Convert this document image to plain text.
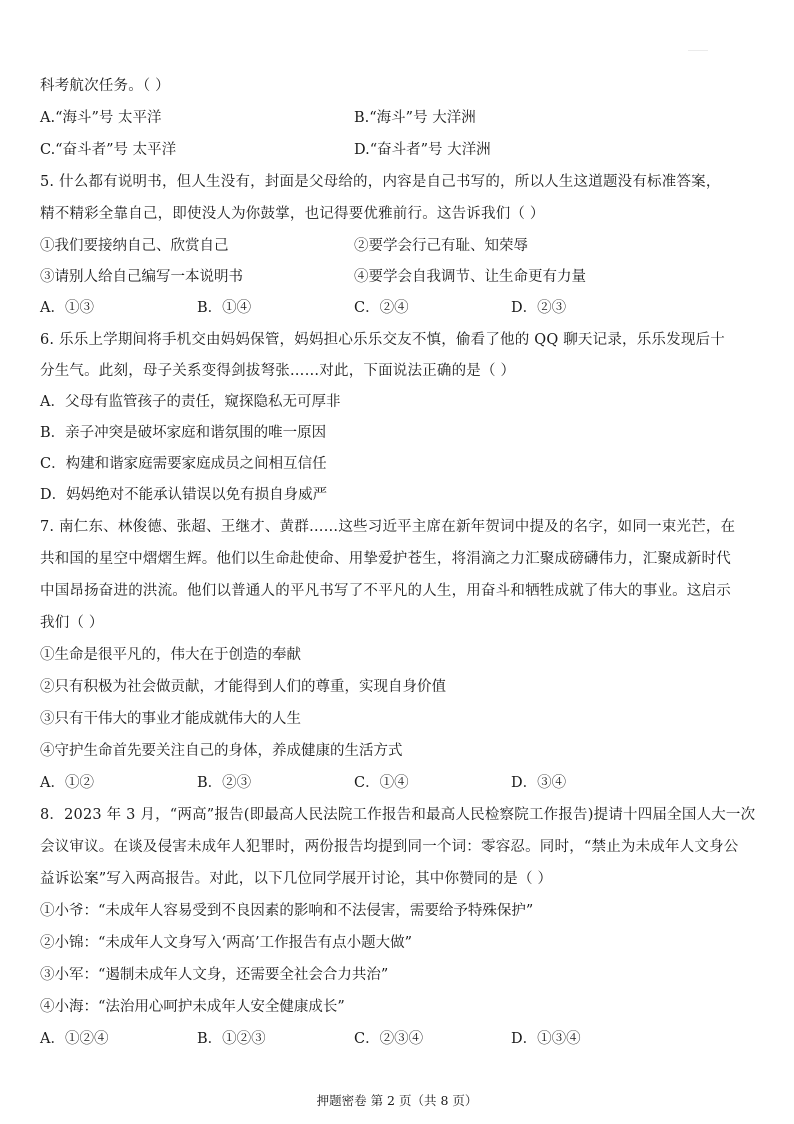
科考航次任务。（ ）
A.“海斗”号 太平洋	B.“海斗”号 大洋洲
C.“奋斗者”号 太平洋	D.“奋斗者”号 大洋洲
5. 什么都有说明书，但人生没有，封面是父母给的，内容是自己书写的，所以人生这道题没有标准答案，
精不精彩全靠自己，即使没人为你鼓掌，也记得要优雅前行。这告诉我们（ ）
①我们要接纳自己、欣赏自己	②要学会行己有耻、知荣辱
③请别人给自己编写一本说明书	④要学会自我调节、让生命更有力量
A．①③	B．①④	C．②④	D．②③
6. 乐乐上学期间将手机交由妈妈保管，妈妈担心乐乐交友不慎，偷看了他的 QQ 聊天记录，乐乐发现后十
分生气。此刻，母子关系变得剑拔弩张……对此，下面说法正确的是（ ）
A．父母有监管孩子的责任，窥探隐私无可厚非
B．亲子冲突是破坏家庭和谐氛围的唯一原因
C．构建和谐家庭需要家庭成员之间相互信任
D．妈妈绝对不能承认错误以免有损自身威严
7. 南仁东、林俊德、张超、王继才、黄群……这些习近平主席在新年贺词中提及的名字，如同一束光芒，在
共和国的星空中熠熠生辉。他们以生命赴使命、用挚爱护苍生，将涓滴之力汇聚成磅礴伟力，汇聚成新时代
中国昂扬奋进的洪流。他们以普通人的平凡书写了不平凡的人生，用奋斗和牺牲成就了伟大的事业。这启示
我们（ ）
①生命是很平凡的，伟大在于创造的奉献
②只有积极为社会做贡献，才能得到人们的尊重，实现自身价值
③只有干伟大的事业才能成就伟大的人生
④守护生命首先要关注自己的身体，养成健康的生活方式
A．①②	B．②③	C．①④	D．③④
8．2023 年 3 月，“两高”报告(即最高人民法院工作报告和最高人民检察院工作报告)提请十四届全国人大一次
会议审议。在谈及侵害未成年人犯罪时，两份报告均提到同一个词：零容忍。同时，“禁止为未成年人文身公
益诉讼案”写入两高报告。对此，以下几位同学展开讨论，其中你赞同的是（ ）
①小爷：“未成年人容易受到不良因素的影响和不法侵害，需要给予特殊保护”
②小锦：“未成年人文身写入‘两高’工作报告有点小题大做”
③小军：“遏制未成年人文身，还需要全社会合力共治”
④小海：“法治用心呵护未成年人安全健康成长”
A．①②④	B．①②③	C．②③④	D．①③④
押题密卷 第 2 页（共 8 页）
